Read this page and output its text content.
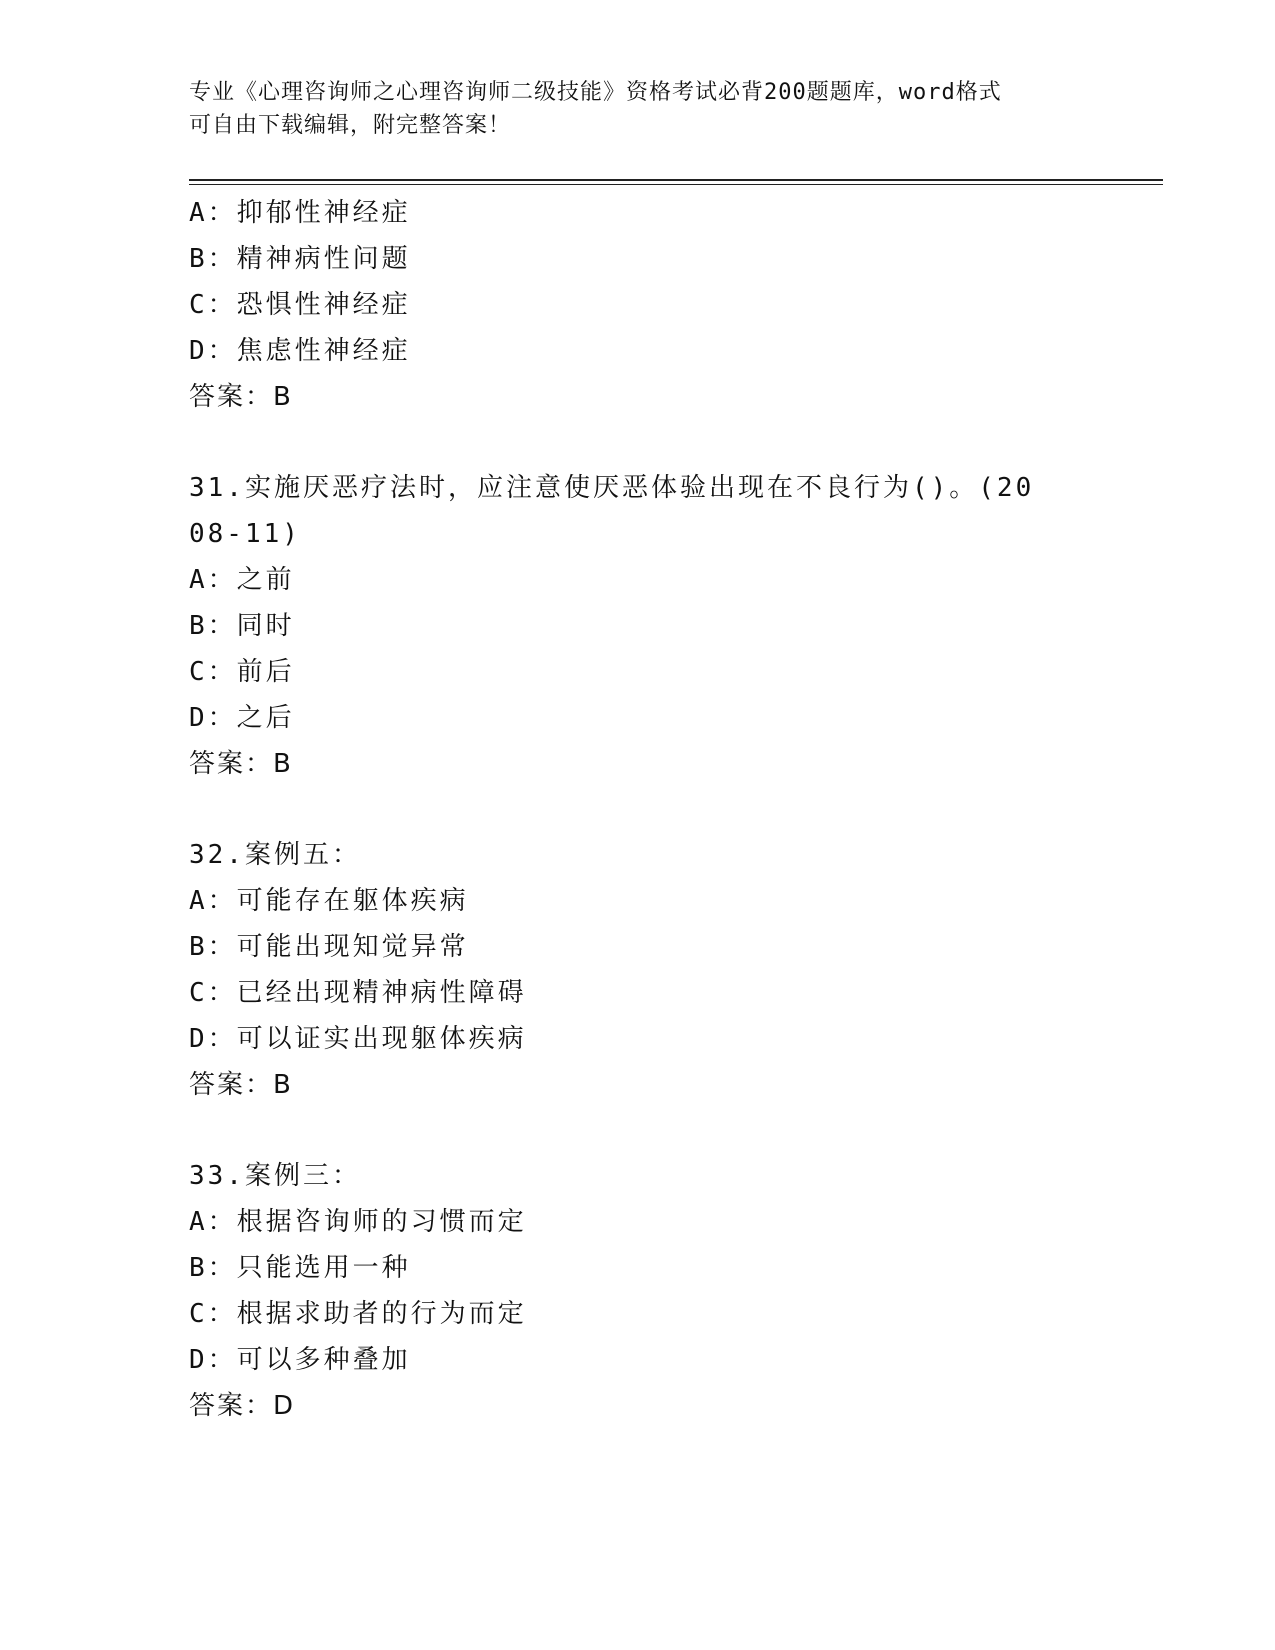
专业《心理咨询师之心理咨询师二级技能》资格考试必背200题题库，word格式
可自由下载编辑，附完整答案！
A：抑郁性神经症
B：精神病性问题
C：恐惧性神经症
D：焦虑性神经症
答案：B
31.实施厌恶疗法时，应注意使厌恶体验出现在不良行为()。(2008-11)
A：之前
B：同时
C：前后
D：之后
答案：B
32.案例五：
A：可能存在躯体疾病
B：可能出现知觉异常
C：已经出现精神病性障碍
D：可以证实出现躯体疾病
答案：B
33.案例三：
A：根据咨询师的习惯而定
B：只能选用一种
C：根据求助者的行为而定
D：可以多种叠加
答案：D
